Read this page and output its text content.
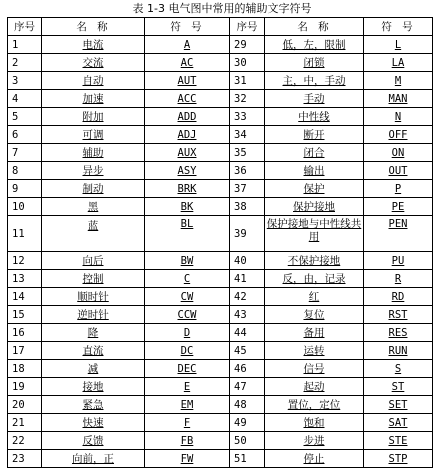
表 1-3 电气图中常用的辅助文字符号
序号	名 称	符 号	序号	名 称	符 号
1	电流	A	29	低，左，限制	L
2	交流	AC	30	闭锁	LA
3	自动	AUT	31	主，中，手动	M
4	加速	ACC	32	手动	MAN
5	附加	ADD	33	中性线	N
6	可调	ADJ	34	断开	OFF
7	辅助	AUX	35	闭合	ON
8	异步	ASY	36	输出	OUT
9	制动	BRK	37	保护	P
10	黑	BK	38	保护接地	PE
11	蓝	BL	39	保护接地与中性线共用	PEN
12	向后	BW	40	不保护接地	PU
13	控制	C	41	反，由，记录	R
14	顺时针	CW	42	红	RD
15	逆时针	CCW	43	复位	RST
16	降	D	44	备用	RES
17	直流	DC	45	运转	RUN
18	减	DEC	46	信号	S
19	接地	E	47	起动	ST
20	紧急	EM	48	置位，定位	SET
21	快速	F	49	饱和	SAT
22	反馈	FB	50	步进	STE
23	向前，正	FW	51	停止	STP
